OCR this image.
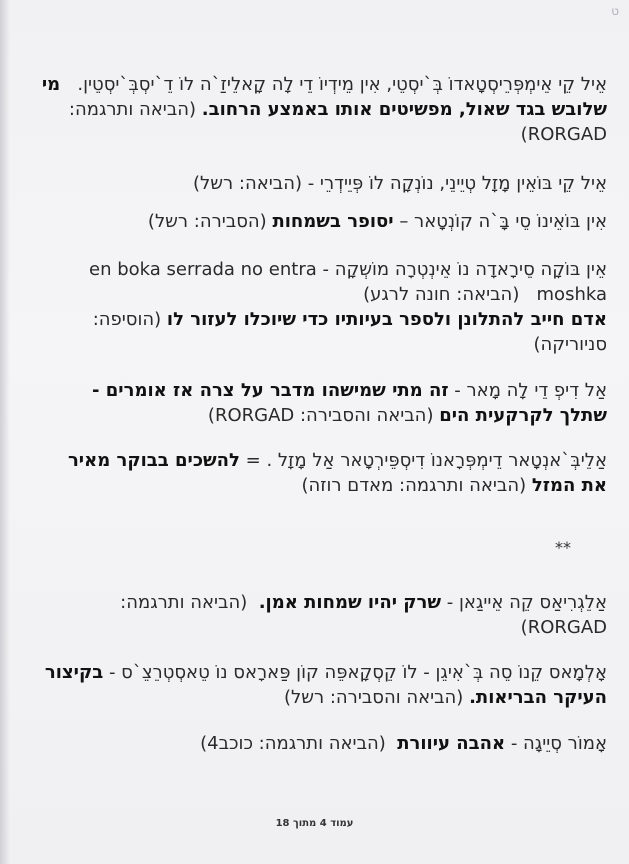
ט
אֵיל קֵי אֵימְפְּרֵיסְטָאדוֹ בְּ`יסְטֵי, אִין מֵידְיוֹ דֵי לָה קָאלֵיזַ`ה לוֹ דֵ`יסְבְּ`יסְטֵין.   מי שלובש בגד שאול, מפשיטים אותו באמצע הרחוב. (הביאה ותרגמה: RORGAD)
אֵיל קֵי בּוֹאֵין מָזָל טְיֵינֵי, נוֹנְקָה לוֹ פְּיֵידְרֵי - (הביאה: רשל)
אִין בּוֹאֵינוֹ סֵי בָּ`ה קוֹנְטָאר – יסופר בשמחות (הסבירה: רשל)
אֵין בּוֹקָה סֵירָאדָה נוֹ אֵינְטְרָה מוֹשְקָה - en boka serrada no entra moshka   (הביאה: חונה לרגע)
אדם חייב להתלונן ולספר בעיותיו כדי שיוכלו לעזור לו (הוסיפה: סניוריקה)
אַל דִיפְ דֵי לָה מָאר - זה מתי שמישהו מדבר על צרה אז אומרים - שתלך לקרקעית הים (הביאה והסבירה: RORGAD)
אַלֵיבְּ`אנְטָאר דֵימְפְּרָאנוֹ דִיסְפֵּירְטָאר אַל מָזָל . = להשכים בבוקר מאיר את המזל (הביאה ותרגמה: מאדם רוזה)
**
אַלֵגְרִיאַס קֵה אֵייגַאן - שרק יהיו שמחות אמן.  (הביאה ותרגמה: RORGAD)
אָלְמָאס קֵנוֹ סֵה בְּ`אִיגֵן - לוֹ קֵסְקָאפֵּה קוֹן פַּארָאס נוֹ טֵאסְטְרֵצֵ`ס - בקיצור העיקר הבריאות. (הביאה והסבירה: רשל)
אָמוֹר סְיֵיגָה - אהבה עיוורת  (הביאה ותרגמה: כוכב4)
עמוד 4 מתוך 18
